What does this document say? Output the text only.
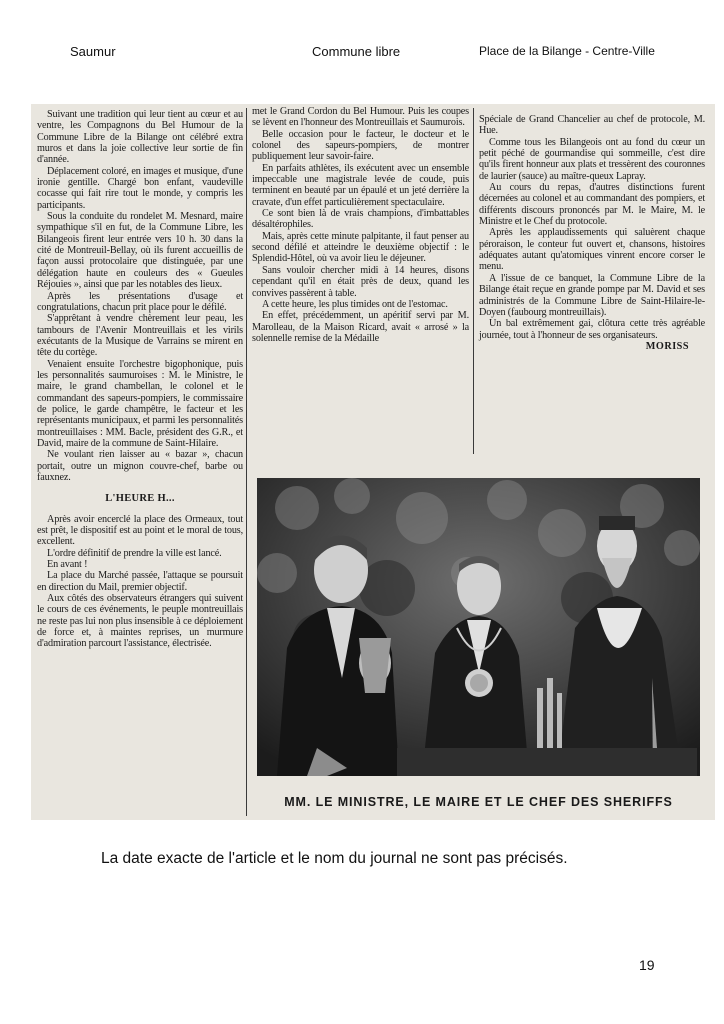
Saumur	Commune libre	Place de la Bilange - Centre-Ville

Suivant une tradition qui leur tient au cœur et au ventre, les Compagnons du Bel Humour de la Commune Libre de la Bilange ont célébré extra muros et dans la joie collective leur sortie de fin d'année.

Déplacement coloré, en images et musique, d'une ironie gentille. Chargé bon enfant, vaudeville cocasse qui fait rire tout le monde, y compris les participants.

Sous la conduite du rondelet M. Mesnard, maire sympathique s'il en fut, de la Commune Libre, les Bilangeois firent leur entrée vers 10 h. 30 dans la cité de Montreuil-Bellay, où ils furent accueillis de façon aussi protocolaire que distinguée, par une délégation haute en couleurs des « Gueules Réjouies », ainsi que par les notables des lieux.

Après les présentations d'usage et congratulations, chacun prit place pour le défilé.

S'apprêtant à vendre chèrement leur peau, les tambours de l'Avenir Montreuillais et les virils exécutants de la Musique de Varrains se mirent en tête du cortège.

Venaient ensuite l'orchestre bigophonique, puis les personnalités saumuroises : M. le Ministre, le maire, le grand chambellan, le colonel et le commandant des sapeurs-pompiers, le commissaire de police, le garde champêtre, le facteur et les représentants municipaux, et parmi les personnalités montreuillaises : MM. Bacle, président des G.R., et David, maire de la commune de Saint-Hilaire.

Ne voulant rien laisser au « bazar », chacun portait, outre un mignon couvre-chef, barbe ou fauxnez.

L'HEURE H...

Après avoir encerclé la place des Ormeaux, tout est prêt, le dispositif est au point et le moral de tous, excellent.

L'ordre définitif de prendre la ville est lancé.

En avant !

La place du Marché passée, l'attaque se poursuit en direction du Mail, premier objectif.

Aux côtés des observateurs étrangers qui suivent le cours de ces événements, le peuple montreuillais ne reste pas lui non plus insensible à ce déploiement de force et, à maintes reprises, un murmure d'admiration parcourt l'assistance, électrisée.

met le Grand Cordon du Bel Humour. Puis les coupes se lèvent en l'honneur des Montreuillais et Saumurois.

Belle occasion pour le facteur, le docteur et le colonel des sapeurs-pompiers, de montrer publiquement leur savoir-faire.

En parfaits athlètes, ils exécutent avec un ensemble impeccable une magistrale levée de coude, puis terminent en beauté par un épaulé et un jeté derrière la cravate, d'un effet particulièrement spectaculaire.

Ce sont bien là de vrais champions, d'imbattables désaltérophiles.

Mais, après cette minute palpitante, il faut penser au second défilé et atteindre le deuxième objectif : le Splendid-Hôtel, où va avoir lieu le déjeuner.

Sans vouloir chercher midi à 14 heures, disons cependant qu'il en était près de deux, quand les convives passèrent à table.

A cette heure, les plus timides ont de l'estomac.

En effet, précédemment, un apéritif servi par M. Marolleau, de la Maison Ricard, avait « arrosé » la solennelle remise de la Médaille

Spéciale de Grand Chancelier au chef de protocole, M. Hue.

Comme tous les Bilangeois ont au fond du cœur un petit péché de gourmandise qui sommeille, c'est dire qu'ils firent honneur aux plats et tressèrent des couronnes de laurier (sauce) au maître-queux Lapray.

Au cours du repas, d'autres distinctions furent décernées au colonel et au commandant des pompiers, et différents discours prononcés par M. le Maire, M. le Ministre et le Chef du protocole.

Après les applaudissements qui saluèrent chaque péroraison, le conteur fut ouvert et, chansons, histoires adéquates autant qu'atomiques vinrent encore corser le menu.

A l'issue de ce banquet, la Commune Libre de la Bilange était reçue en grande pompe par M. David et ses administrés de la Commune Libre de Saint-Hilaire-le-Doyen (faubourg montreuillais).

Un bal extrêmement gai, clôtura cette très agréable journée, tout à l'honneur de ses organisateurs.

MORISS

MM. LE MINISTRE, LE MAIRE ET LE CHEF DES SHERIFFS
La date exacte de l'article et le nom du journal ne sont pas précisés.
19
